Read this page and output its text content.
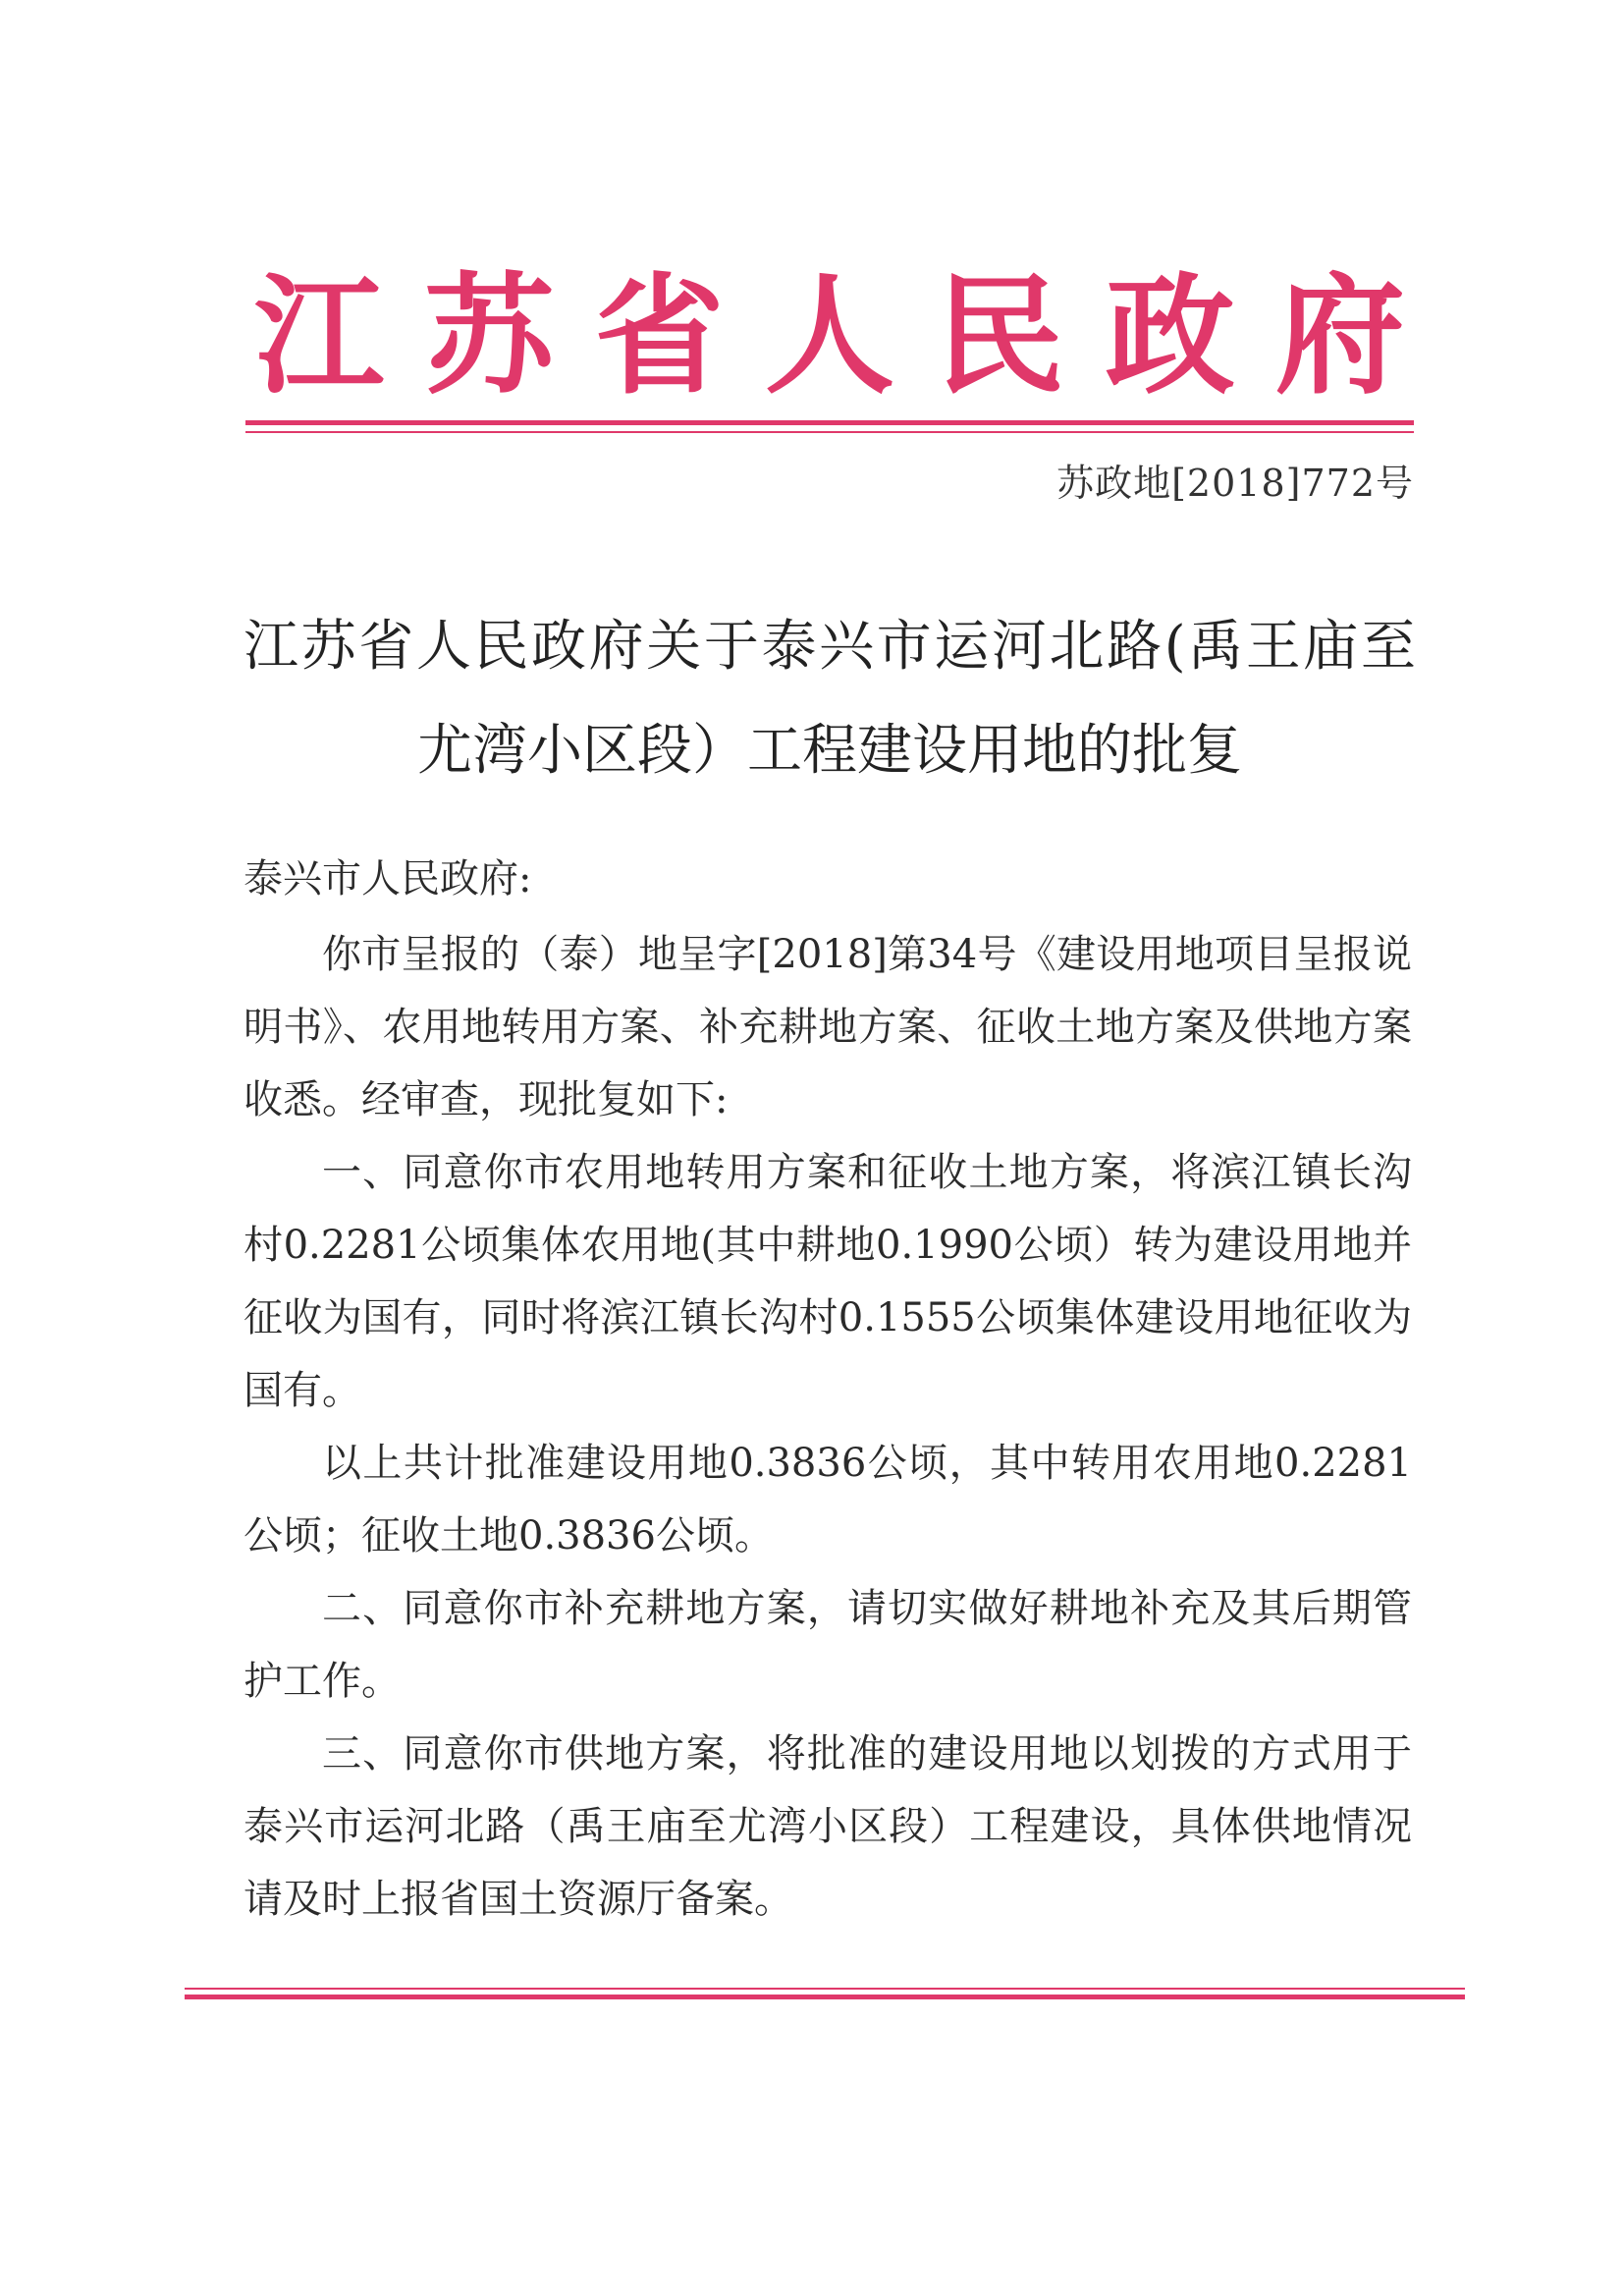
江 苏 省 人 民 政 府
苏政地[2018]772号
江苏省人民政府关于泰兴市运河北路(禹王庙至
尤湾小区段）工程建设用地的批复
泰兴市人民政府:

你市呈报的（泰）地呈字[2018]第34号《建设用地项目呈报说明书》、农用地转用方案、补充耕地方案、征收土地方案及供地方案收悉。经审查，现批复如下:

一、同意你市农用地转用方案和征收土地方案，将滨江镇长沟村0.2281公顷集体农用地(其中耕地0.1990公顷）转为建设用地并征收为国有，同时将滨江镇长沟村0.1555公顷集体建设用地征收为国有。

以上共计批准建设用地0.3836公顷，其中转用农用地0.2281公顷；征收土地0.3836公顷。

二、同意你市补充耕地方案，请切实做好耕地补充及其后期管护工作。

三、同意你市供地方案，将批准的建设用地以划拨的方式用于泰兴市运河北路（禹王庙至尤湾小区段）工程建设，具体供地情况请及时上报省国土资源厅备案。
